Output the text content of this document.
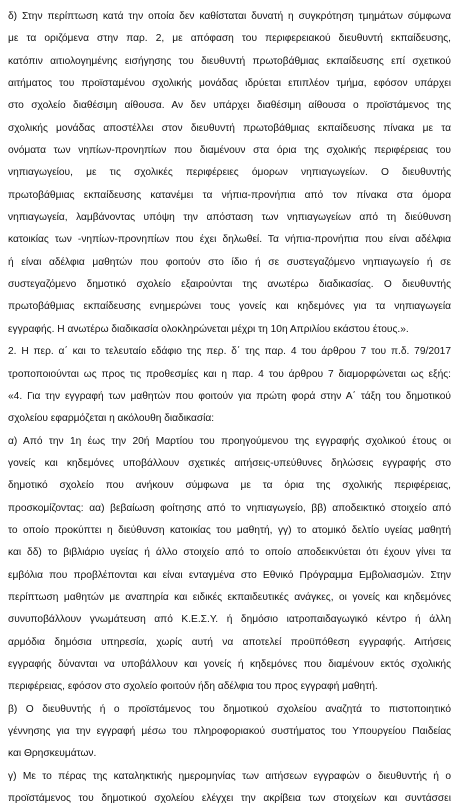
δ) Στην περίπτωση κατά την οποία δεν καθίσταται δυνατή η συγκρότηση τμημάτων σύμφωνα
με τα οριζόμενα στην παρ. 2, με απόφαση του περιφερειακού διευθυντή εκπαίδευσης,
κατόπιν αιτιολογημένης εισήγησης του διευθυντή πρωτοβάθμιας εκπαίδευσης επί σχετικού
αιτήματος του προϊσταμένου σχολικής μονάδας ιδρύεται επιπλέον τμήμα, εφόσον υπάρχει
στο σχολείο διαθέσιμη αίθουσα. Αν δεν υπάρχει διαθέσιμη αίθουσα ο προϊστάμενος της
σχολικής μονάδας αποστέλλει στον διευθυντή πρωτοβάθμιας εκπαίδευσης πίνακα με τα
ονόματα των νηπίων-προνηπίων που διαμένουν στα όρια της σχολικής περιφέρειας του
νηπιαγωγείου, με τις σχολικές περιφέρειες όμορων νηπιαγωγείων. Ο διευθυντής
πρωτοβάθμιας εκπαίδευσης κατανέμει τα νήπια-προνήπια από τον πίνακα στα όμορα
νηπιαγωγεία, λαμβάνοντας υπόψη την απόσταση των νηπιαγωγείων από τη διεύθυνση
κατοικίας των -νηπίων-προνηπίων που έχει δηλωθεί. Τα νήπια-προνήπια που είναι αδέλφια
ή είναι αδέλφια μαθητών που φοιτούν στο ίδιο ή σε συστεγαζόμενο νηπιαγωγείο ή σε
συστεγαζόμενο δημοτικό σχολείο εξαιρούνται της ανωτέρω διαδικασίας. Ο διευθυντής
πρωτοβάθμιας εκπαίδευσης ενημερώνει τους γονείς και κηδεμόνες για τα νηπιαγωγεία
εγγραφής. Η ανωτέρω διαδικασία ολοκληρώνεται μέχρι τη 10η Απριλίου εκάστου έτους.».
2. Η περ. α΄ και το τελευταίο εδάφιο της περ. δ΄ της παρ. 4 του άρθρου 7 του π.δ. 79/2017
τροποποιούνται ως προς τις προθεσμίες και η παρ. 4 του άρθρου 7 διαμορφώνεται ως εξής:
«4. Για την εγγραφή των μαθητών που φοιτούν για πρώτη φορά στην Α΄ τάξη του δημοτικού
σχολείου εφαρμόζεται η ακόλουθη διαδικασία:
α) Από την 1η έως την 20ή Μαρτίου του προηγούμενου της εγγραφής σχολικού έτους οι
γονείς και κηδεμόνες υποβάλλουν σχετικές αιτήσεις-υπεύθυνες δηλώσεις εγγραφής στο
δημοτικό σχολείο που ανήκουν σύμφωνα με τα όρια της σχολικής περιφέρειας,
προσκομίζοντας: αα) βεβαίωση φοίτησης από το νηπιαγωγείο, ββ) αποδεικτικό στοιχείο από
το οποίο προκύπτει η διεύθυνση κατοικίας του μαθητή, γγ) το ατομικό δελτίο υγείας μαθητή
και δδ) το βιβλιάριο υγείας ή άλλο στοιχείο από το οποίο αποδεικνύεται ότι έχουν γίνει τα
εμβόλια που προβλέπονται και είναι ενταγμένα στο Εθνικό Πρόγραμμα Εμβολιασμών. Στην
περίπτωση μαθητών με αναπηρία και ειδικές εκπαιδευτικές ανάγκες, οι γονείς και κηδεμόνες
συνυποβάλλουν γνωμάτευση από Κ.Ε.Σ.Υ. ή δημόσιο ιατροπαιδαγωγικό κέντρο ή άλλη
αρμόδια δημόσια υπηρεσία, χωρίς αυτή να αποτελεί προϋπόθεση εγγραφής. Αιτήσεις
εγγραφής δύνανται να υποβάλλουν και γονείς ή κηδεμόνες που διαμένουν εκτός σχολικής
περιφέρειας, εφόσον στο σχολείο φοιτούν ήδη αδέλφια του προς εγγραφή μαθητή.
β) Ο διευθυντής ή ο προϊστάμενος του δημοτικού σχολείου αναζητά το πιστοποιητικό
γέννησης για την εγγραφή μέσω του πληροφοριακού συστήματος του Υπουργείου Παιδείας
και Θρησκευμάτων.
γ) Με το πέρας της καταληκτικής ημερομηνίας των αιτήσεων εγγραφών ο διευθυντής ή ο
προϊστάμενος του δημοτικού σχολείου ελέγχει την ακρίβεια των στοιχείων και συντάσσει
